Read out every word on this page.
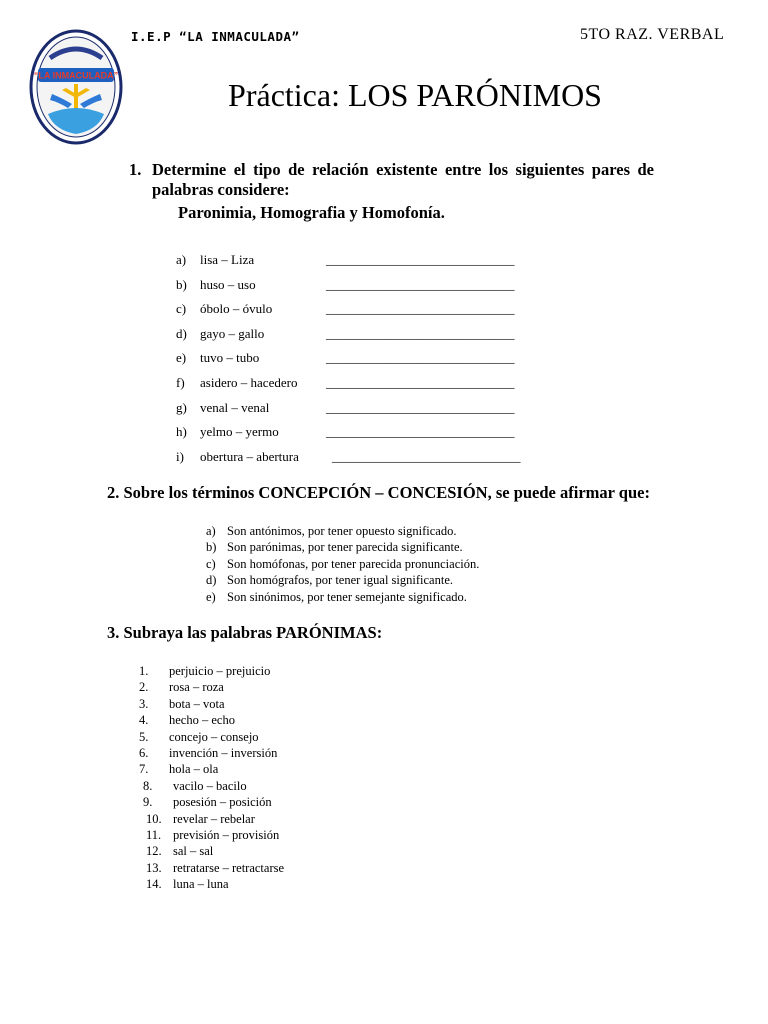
I.E.P “LA INMACULADA”	5TO RAZ. VERBAL
“LA INMACULADA”
Práctica: LOS PARÓNIMOS
1. Determine el tipo de relación existente entre los siguientes pares de palabras considere:
Paronimia, Homografia y Homofonía.
a)	lisa – Liza	_____________________________
b)	huso – uso	_____________________________
c)	óbolo – óvulo	_____________________________
d)	gayo – gallo	_____________________________
e)	tuvo – tubo	_____________________________
f)	asidero – hacedero _____________________________
g)	venal – venal	_____________________________
h)	yelmo – yermo	_____________________________
i)	obertura – abertura	_____________________________
2. Sobre los términos CONCEPCIÓN – CONCESIÓN, se puede afirmar que:
a) Son antónimos, por tener opuesto significado.
b) Son parónimas, por tener parecida significante.
c) Son homófonas, por tener parecida pronunciación.
d) Son homógrafos, por tener igual significante.
e) Son sinónimos, por tener semejante significado.
3. Subraya las palabras PARÓNIMAS:
1. perjuicio – prejuicio
2. rosa – roza
3. bota – vota
4. hecho – echo
5. concejo – consejo
6. invención – inversión
7. hola – ola
8. vacilo – bacilo
9. posesión – posición
10. revelar – rebelar
11. previsión – provisión
12. sal – sal
13. retratarse – retractarse
14. luna – luna
